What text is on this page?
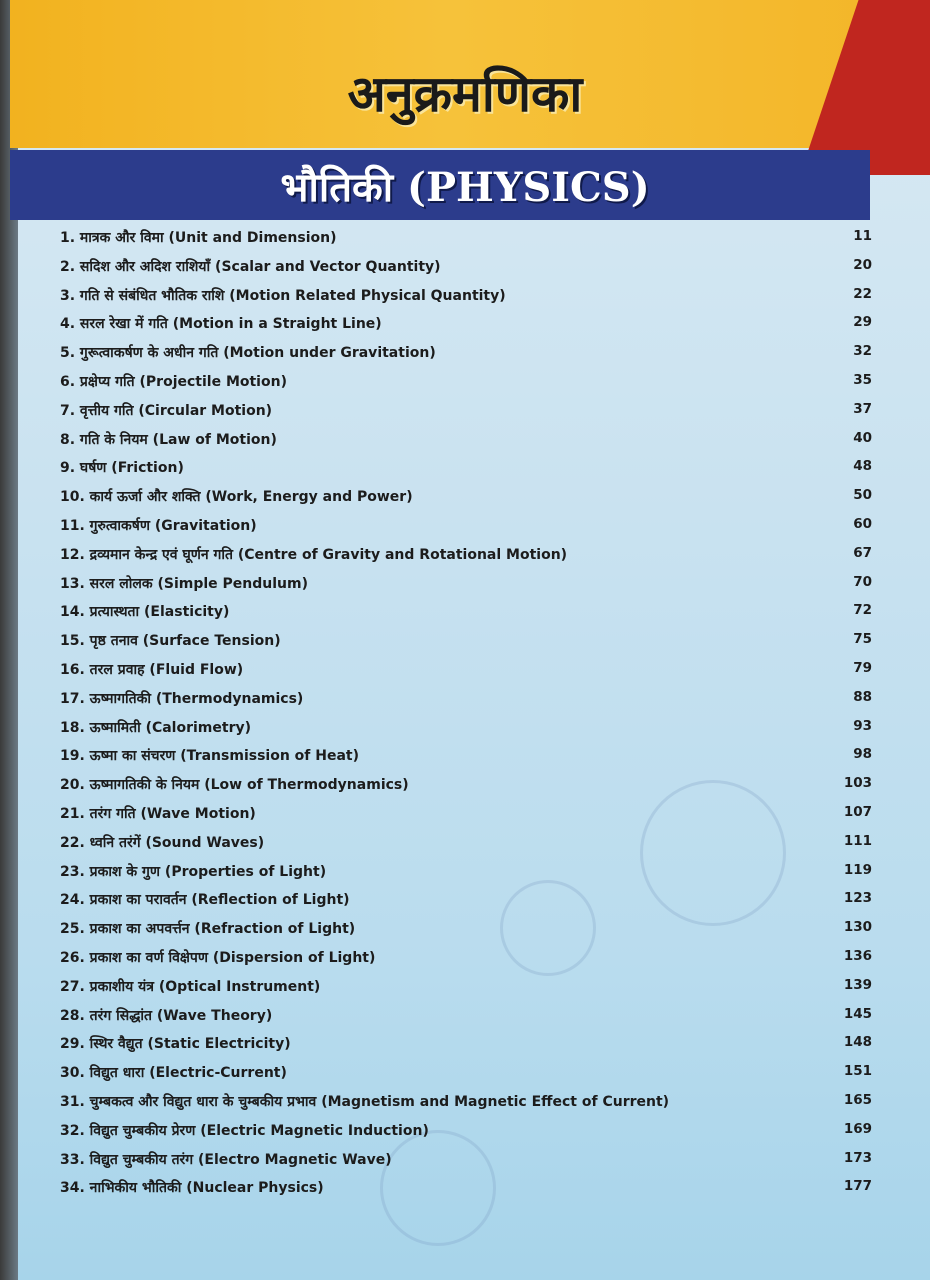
अनुक्रमणिका
भौतिकी (PHYSICS)
1. मात्रक और विमा (Unit and Dimension)	11
2. सदिश और अदिश राशियाँ (Scalar and Vector Quantity)	20
3. गति से संबंधित भौतिक राशि (Motion Related Physical Quantity)	22
4. सरल रेखा में गति (Motion in a Straight Line)	29
5. गुरूत्वाकर्षण के अधीन गति (Motion under Gravitation)	32
6. प्रक्षेप्य गति (Projectile Motion)	35
7. वृत्तीय गति (Circular Motion)	37
8. गति के नियम (Law of Motion)	40
9. घर्षण (Friction)	48
10. कार्य ऊर्जा और शक्ति (Work, Energy and Power)	50
11. गुरुत्वाकर्षण (Gravitation)	60
12. द्रव्यमान केन्द्र एवं घूर्णन गति (Centre of Gravity and Rotational Motion)	67
13. सरल लोलक (Simple Pendulum)	70
14. प्रत्यास्थता (Elasticity)	72
15. पृष्ठ तनाव (Surface Tension)	75
16. तरल प्रवाह (Fluid Flow)	79
17. ऊष्मागतिकी (Thermodynamics)	88
18. ऊष्मामिती (Calorimetry)	93
19. ऊष्मा का संचरण (Transmission of Heat)	98
20. ऊष्मागतिकी के नियम (Low of Thermodynamics)	103
21. तरंग गति (Wave Motion)	107
22. ध्वनि तरंगें (Sound Waves)	111
23. प्रकाश के गुण (Properties of Light)	119
24. प्रकाश का परावर्तन (Reflection of Light)	123
25. प्रकाश का अपवर्त्तन (Refraction of Light)	130
26. प्रकाश का वर्ण विक्षेपण (Dispersion of Light)	136
27. प्रकाशीय यंत्र (Optical Instrument)	139
28. तरंग सिद्धांत (Wave Theory)	145
29. स्थिर वैद्युत (Static Electricity)	148
30. विद्युत धारा (Electric-Current)	151
31. चुम्बकत्व और विद्युत धारा के चुम्बकीय प्रभाव (Magnetism and Magnetic Effect of Current)	165
32. विद्युत चुम्बकीय प्रेरण (Electric Magnetic Induction)	169
33. विद्युत चुम्बकीय तरंग (Electro Magnetic Wave)	173
34. नाभिकीय भौतिकी (Nuclear Physics)	177
